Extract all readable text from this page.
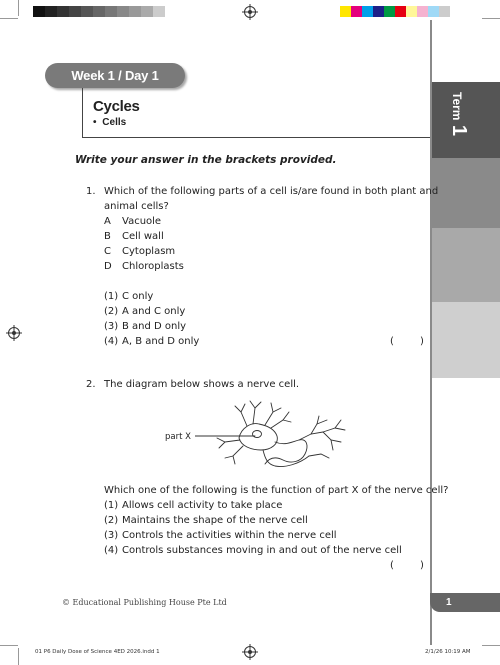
Term 1
Week 1 / Day 1
Cycles
• Cells
Write your answer in the brackets provided.
1. Which of the following parts of a cell is/are found in both plant and
animal cells?
A Vacuole
B Cell wall
C Cytoplasm
D Chloroplasts
(1) C only
(2) A and C only
(3) B and D only
(4) A, B and D only	(	)
2. The diagram below shows a nerve cell.
part X
Which one of the following is the function of part X of the nerve cell?
(1) Allows cell activity to take place
(2) Maintains the shape of the nerve cell
(3) Controls the activities within the nerve cell
(4) Controls substances moving in and out of the nerve cell
(	)
© Educational Publishing House Pte Ltd	1
01 P6 Daily Dose of Science 4ED 2026.indd 1	2/1/26 10:19 AM
